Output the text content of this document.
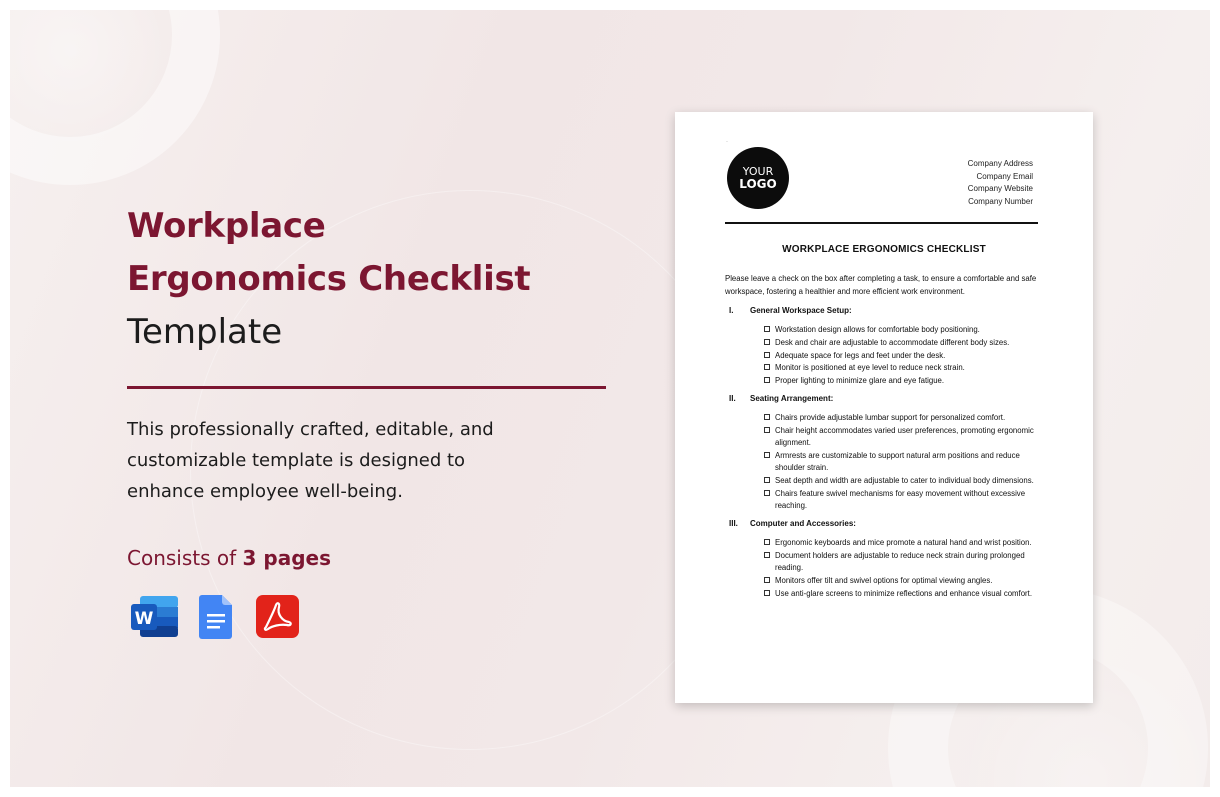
Workplace

Ergonomics Checklist

Template

This professionally crafted, editable, and customizable template is designed to enhance employee well-being.
Consists of 3 pages
W
·
YOUR
LOGO
Company Address
Company Email
Company Website
Company Number
WORKPLACE ERGONOMICS CHECKLIST
Please leave a check on the box after completing a task, to ensure a comfortable and safe workspace, fostering a healthier and more efficient work environment.
I.	General Workspace Setup:
Workstation design allows for comfortable body positioning.
Desk and chair are adjustable to accommodate different body sizes.
Adequate space for legs and feet under the desk.
Monitor is positioned at eye level to reduce neck strain.
Proper lighting to minimize glare and eye fatigue.
II.	Seating Arrangement:
Chairs provide adjustable lumbar support for personalized comfort.
Chair height accommodates varied user preferences, promoting ergonomic alignment.
Armrests are customizable to support natural arm positions and reduce shoulder strain.
Seat depth and width are adjustable to cater to individual body dimensions.
Chairs feature swivel mechanisms for easy movement without excessive reaching.
III.	Computer and Accessories:
Ergonomic keyboards and mice promote a natural hand and wrist position.
Document holders are adjustable to reduce neck strain during prolonged reading.
Monitors offer tilt and swivel options for optimal viewing angles.
Use anti-glare screens to minimize reflections and enhance visual comfort.
